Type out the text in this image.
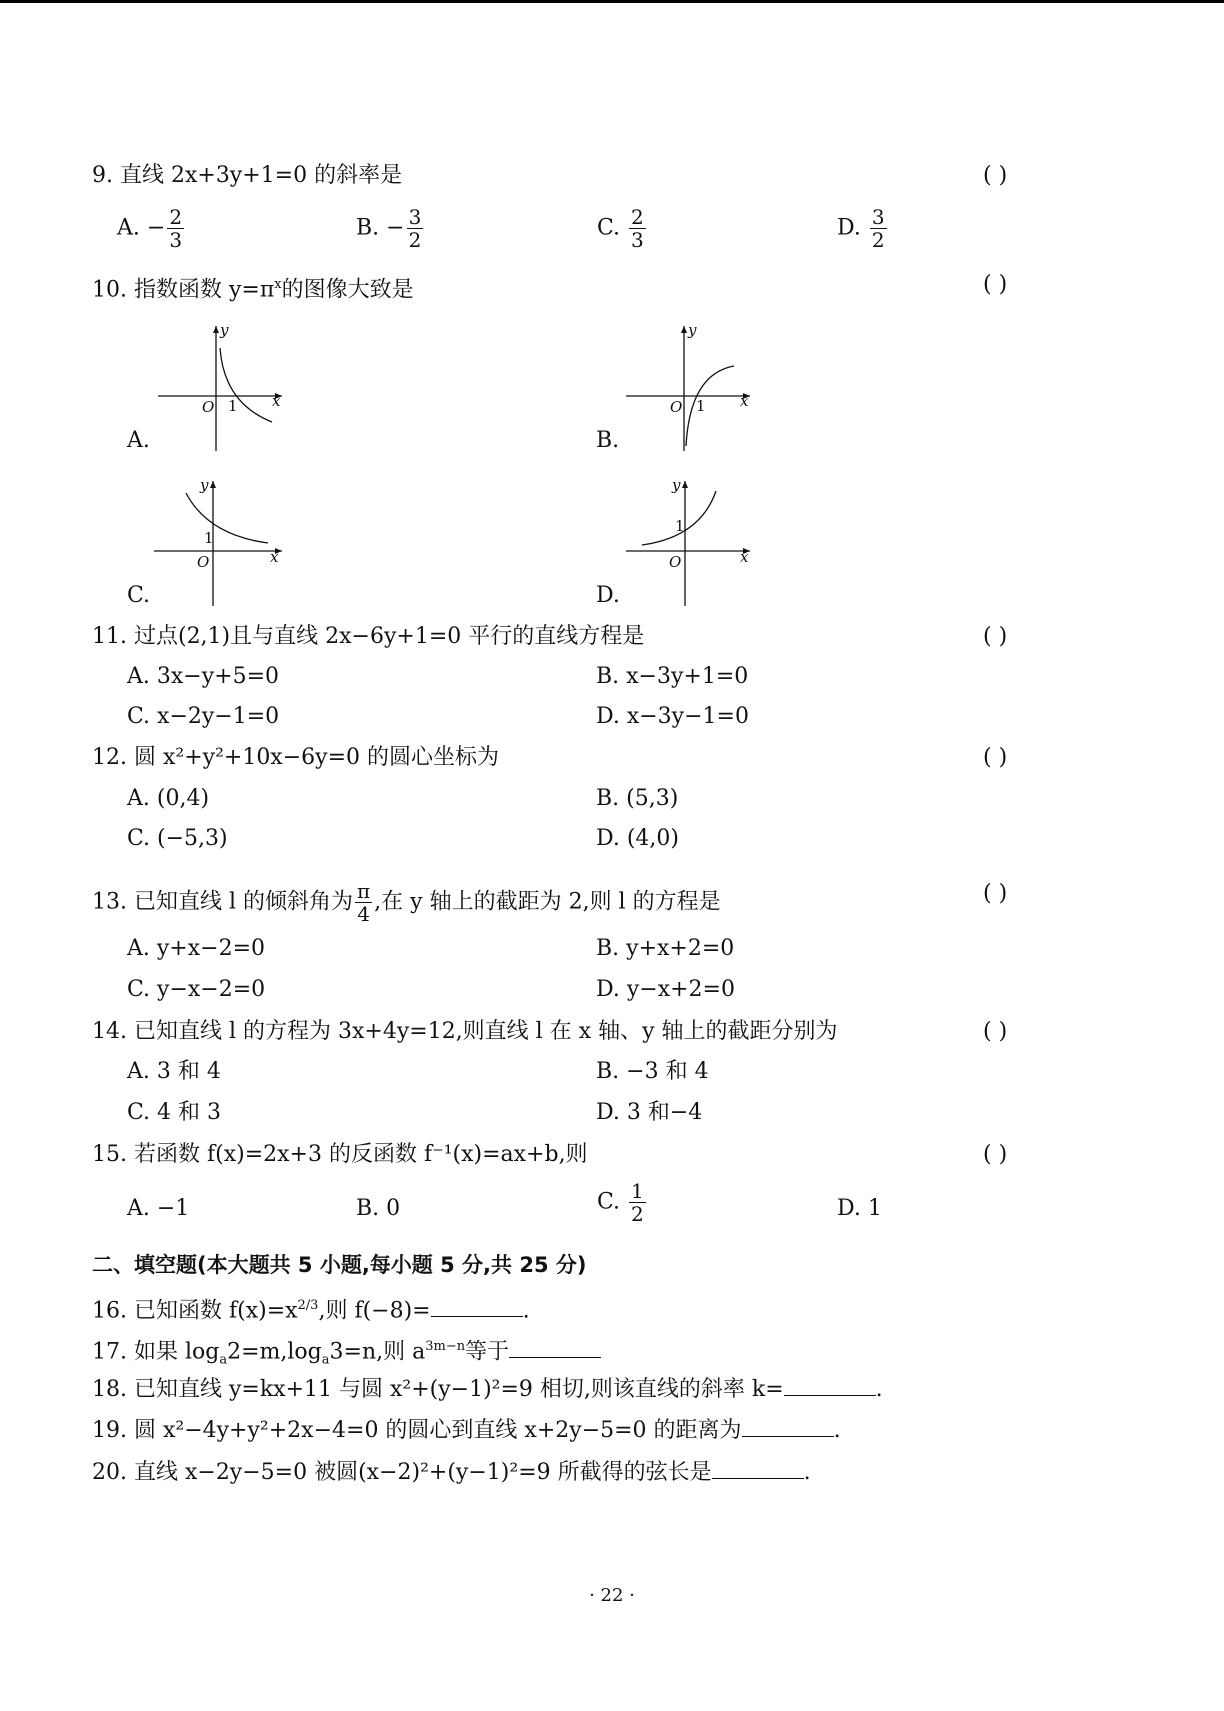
9. 直线 2x+3y+1=0 的斜率是	( )
A. − $\frac{2}{3}$	B. − $\frac{3}{2}$	C. $\frac{2}{3}$	D. $\frac{3}{2}$
10. 指数函数 $y=\pi^x$的图像大致是	( )
y
x
O 1
A.
y
x
O 1
B.
y
x
O
1
C.
y
x
O
1
D.
11. 过点(2,1)且与直线 2x−6y+1=0 平行的直线方程是	( )
A. 3x−y+5=0	B. x−3y+1=0
C. x−2y−1=0	D. x−3y−1=0
12. 圆 x²+y²+10x−6y=0 的圆心坐标为	( )
A. (0,4)	B. (5,3)
C. (−5,3)	D. (4,0)
13. 已知直线 l 的倾斜角为 $\frac{\pi}{4}$ ,在 y 轴上的截距为 2,则 l 的方程是	( )
A. y+x−2=0	B. y+x+2=0
C. y−x−2=0	D. y−x+2=0
14. 已知直线 l 的方程为 3x+4y=12,则直线 l 在 x 轴、y 轴上的截距分别为	( )
A. 3 和 4	B. −3 和 4
C. 4 和 3	D. 3 和−4
15. 若函数 f(x)=2x+3 的反函数 f⁻¹(x)=ax+b,则	( )
A. −1	B. 0	C. $\frac{1}{2}$	D. 1
二、填空题(本大题共 5 小题,每小题 5 分,共 25 分)
16. 已知函数 $f(x)=x^{2/3}$,则 f(−8)=	.
17. 如果 $\log_a2=m,\log_a3=n$,则 $a^{3m-n}$等于
18. 已知直线 y=kx+11 与圆 x²+(y−1)²=9 相切,则该直线的斜率 k=	.
19. 圆 x²−4y+y²+2x−4=0 的圆心到直线 x+2y−5=0 的距离为	.
20. 直线 x−2y−5=0 被圆(x−2)²+(y−1)²=9 所截得的弦长是	.
· 22 ·
